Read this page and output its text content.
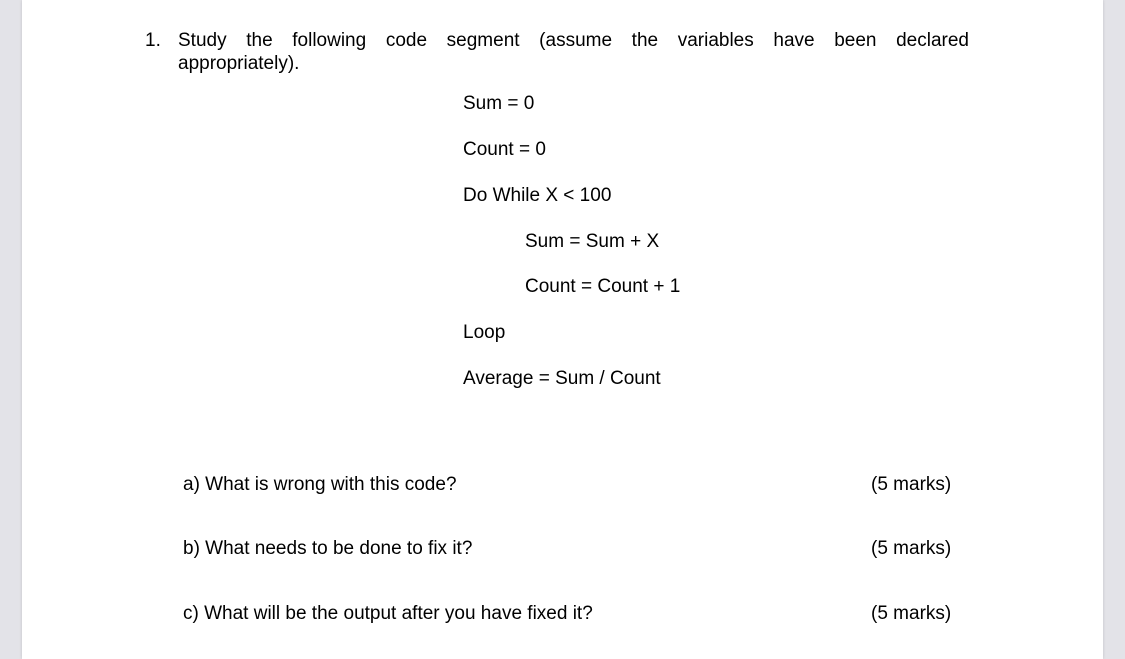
1. Study the following code segment (assume the variables have been declared
appropriately).
Sum = 0
Count = 0
Do While X < 100
Sum = Sum + X
Count = Count + 1
Loop
Average = Sum / Count
a) What is wrong with this code?	(5 marks)
b) What needs to be done to fix it?	(5 marks)
c) What will be the output after you have fixed it?	(5 marks)
